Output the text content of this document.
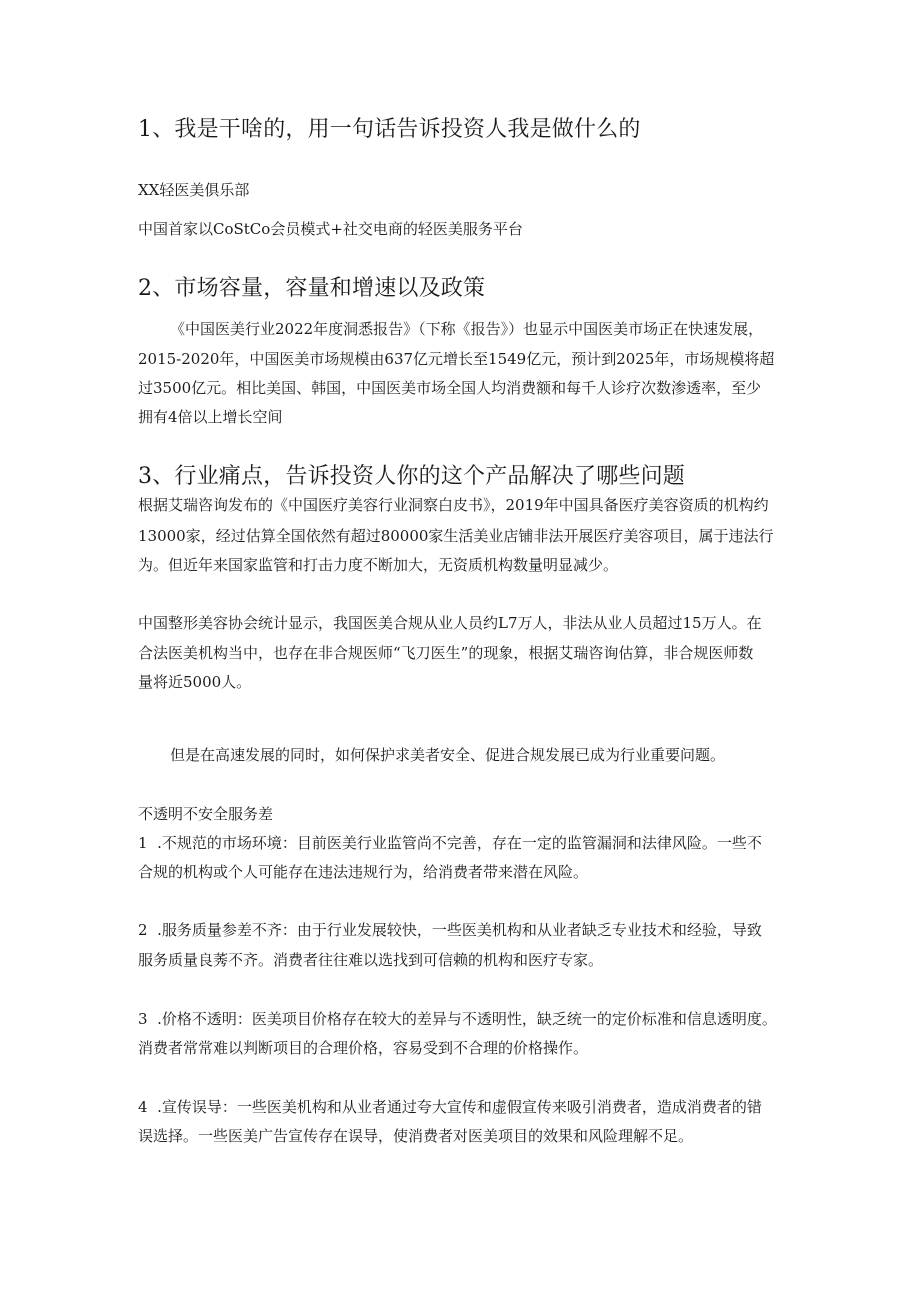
1、我是干啥的，用一句话告诉投资人我是做什么的
XX轻医美俱乐部
中国首家以CoStCo会员模式+社交电商的轻医美服务平台
2、市场容量，容量和增速以及政策
《中国医美行业2022年度洞悉报告》（下称《报告》）也显示中国医美市场正在快速发展，
2015-2020年，中国医美市场规模由637亿元增长至1549亿元，预计到2025年，市场规模将超
过3500亿元。相比美国、韩国，中国医美市场全国人均消费额和每千人诊疗次数渗透率，至少
拥有4倍以上增长空间
3、行业痛点，告诉投资人你的这个产品解决了哪些问题
根据艾瑞咨询发布的《中国医疗美容行业洞察白皮书》，2019年中国具备医疗美容资质的机构约
13000家，经过估算全国依然有超过80000家生活美业店铺非法开展医疗美容项目，属于违法行
为。但近年来国家监管和打击力度不断加大，无资质机构数量明显减少。
中国整形美容协会统计显示，我国医美合规从业人员约L7万人，非法从业人员超过15万人。在
合法医美机构当中，也存在非合规医师“飞刀医生”的现象，根据艾瑞咨询估算，非合规医师数
量将近5000人。
但是在高速发展的同时，如何保护求美者安全、促进合规发展已成为行业重要问题。
不透明不安全服务差
1  .不规范的市场环境：目前医美行业监管尚不完善，存在一定的监管漏洞和法律风险。一些不
合规的机构或个人可能存在违法违规行为，给消费者带来潜在风险。
2  .服务质量参差不齐：由于行业发展较快，一些医美机构和从业者缺乏专业技术和经验，导致
服务质量良莠不齐。消费者往往难以选找到可信赖的机构和医疗专家。
3  .价格不透明：医美项目价格存在较大的差异与不透明性，缺乏统一的定价标准和信息透明度。
消费者常常难以判断项目的合理价格，容易受到不合理的价格操作。
4  .宣传误导：一些医美机构和从业者通过夸大宣传和虚假宣传来吸引消费者，造成消费者的错
误选择。一些医美广告宣传存在误导，使消费者对医美项目的效果和风险理解不足。
